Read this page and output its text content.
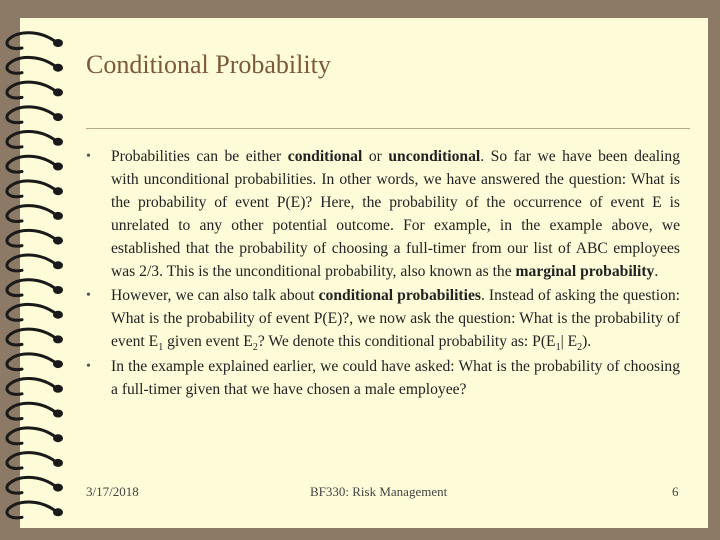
Conditional Probability
• Probabilities can be either conditional or unconditional. So far we have been dealing with unconditional probabilities. In other words, we have answered the question: What is the probability of event P(E)? Here, the probability of the occurrence of event E is unrelated to any other potential outcome. For example, in the example above, we established that the probability of choosing a full-timer from our list of ABC employees was 2/3. This is the unconditional probability, also known as the marginal probability.
• However, we can also talk about conditional probabilities. Instead of asking the question: What is the probability of event P(E)?, we now ask the question: What is the probability of event $E_1$ given event $E_2$? We denote this conditional probability as: $P(E_1|$ $E_2$).
• In the example explained earlier, we could have asked: What is the probability of choosing a full-timer given that we have chosen a male employee?
3/17/2018	BF330: Risk Management	6
